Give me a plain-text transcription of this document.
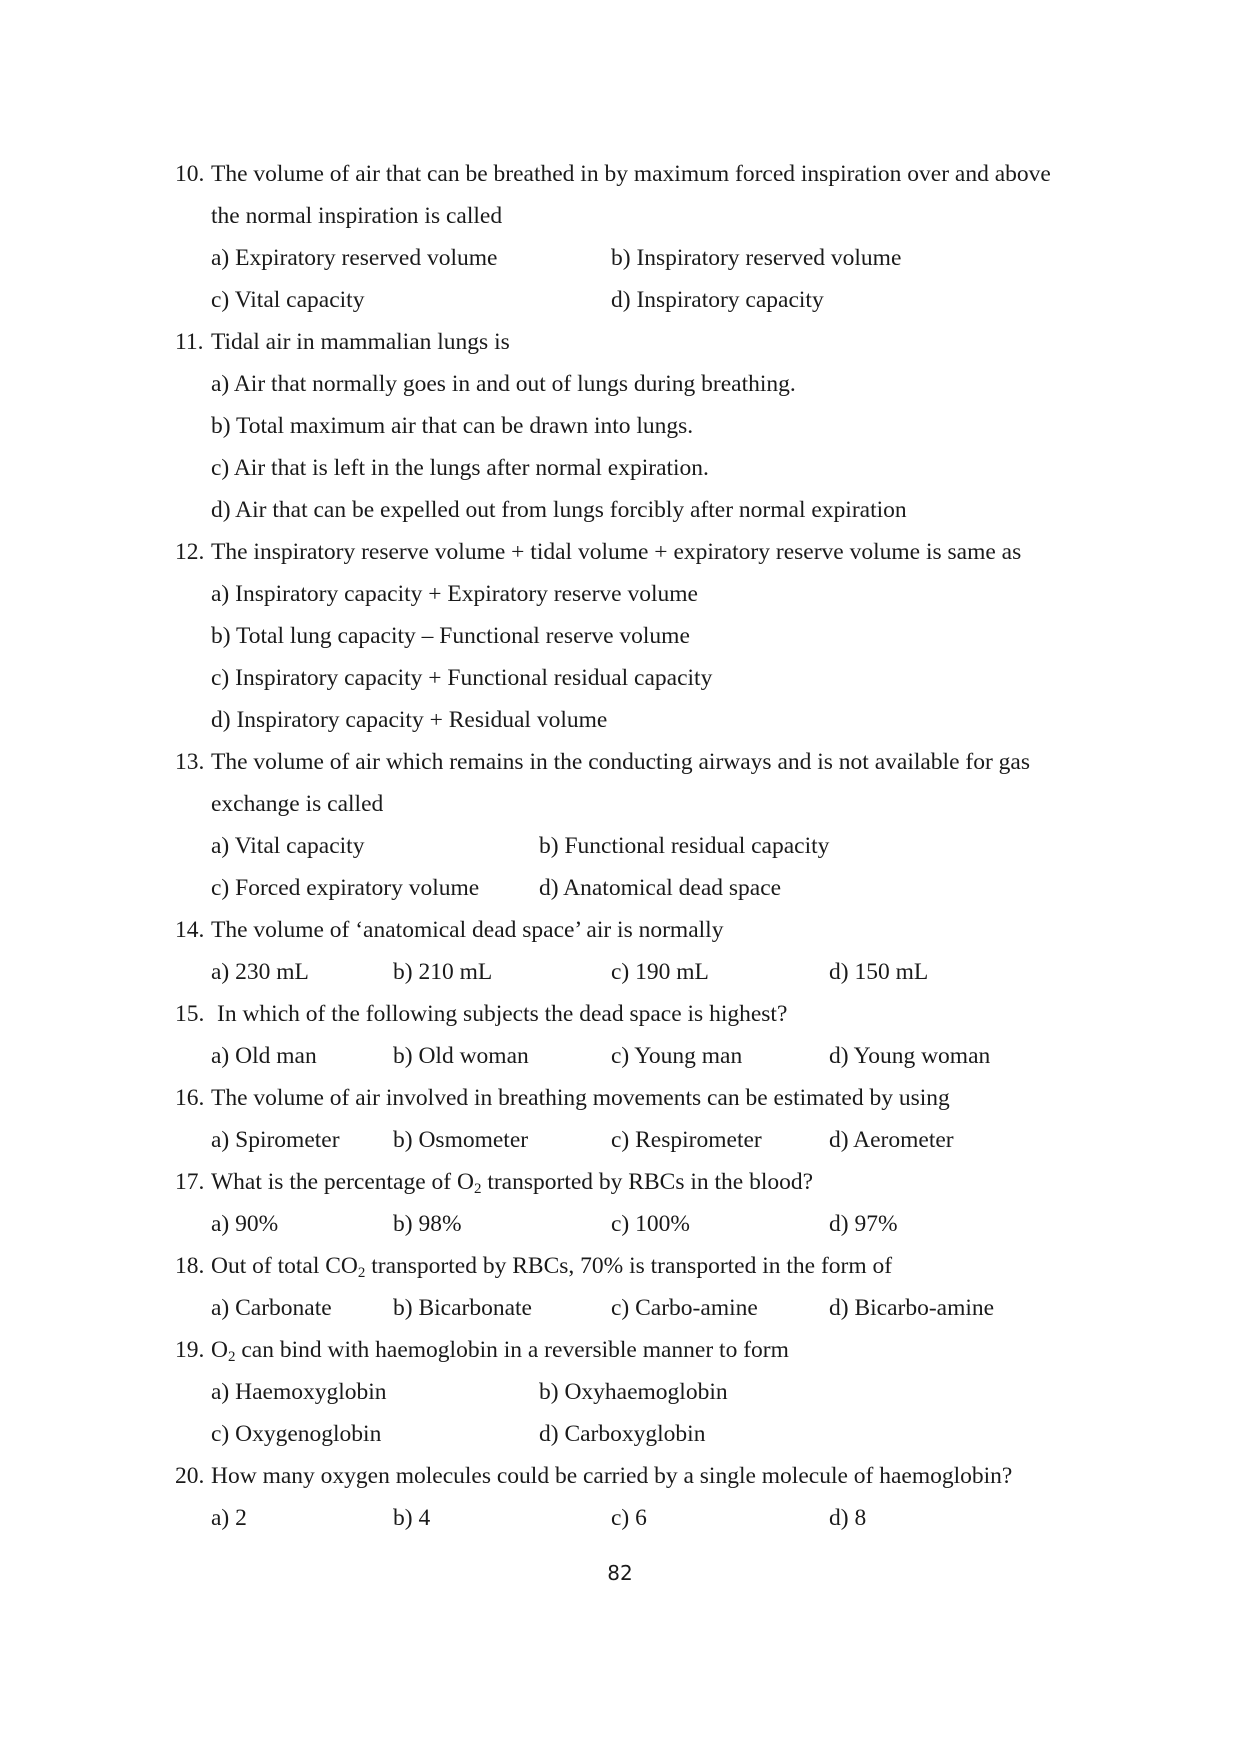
10. The volume of air that can be breathed in by maximum forced inspiration over and above
the normal inspiration is called
a) Expiratory reserved volume	b) Inspiratory reserved volume
c) Vital capacity	d) Inspiratory capacity
11. Tidal air in mammalian lungs is
a) Air that normally goes in and out of lungs during breathing.
b) Total maximum air that can be drawn into lungs.
c) Air that is left in the lungs after normal expiration.
d) Air that can be expelled out from lungs forcibly after normal expiration
12. The inspiratory reserve volume + tidal volume + expiratory reserve volume is same as
a) Inspiratory capacity + Expiratory reserve volume
b) Total lung capacity – Functional reserve volume
c) Inspiratory capacity + Functional residual capacity
d) Inspiratory capacity + Residual volume
13. The volume of air which remains in the conducting airways and is not available for gas
exchange is called
a) Vital capacity	b) Functional residual capacity
c) Forced expiratory volume	d) Anatomical dead space
14. The volume of ‘anatomical dead space’ air is normally
a) 230 mL	b) 210 mL	c) 190 mL	d) 150 mL
15. In which of the following subjects the dead space is highest?
a) Old man	b) Old woman	c) Young man	d) Young woman
16. The volume of air involved in breathing movements can be estimated by using
a) Spirometer b) Osmometer	c) Respirometer	d) Aerometer
17. What is the percentage of $O_2$ transported by RBCs in the blood?
a) 90%	b) 98%	c) 100%	d) 97%
18. Out of total $CO_2$ transported by RBCs, 70% is transported in the form of
a) Carbonate	b) Bicarbonate	c) Carbo-amine	d) Bicarbo-amine
19. $O_2$ can bind with haemoglobin in a reversible manner to form
a) Haemoxyglobin	b) Oxyhaemoglobin
c) Oxygenoglobin	d) Carboxyglobin
20. How many oxygen molecules could be carried by a single molecule of haemoglobin?
a) 2	b) 4	c) 6	d) 8
82
